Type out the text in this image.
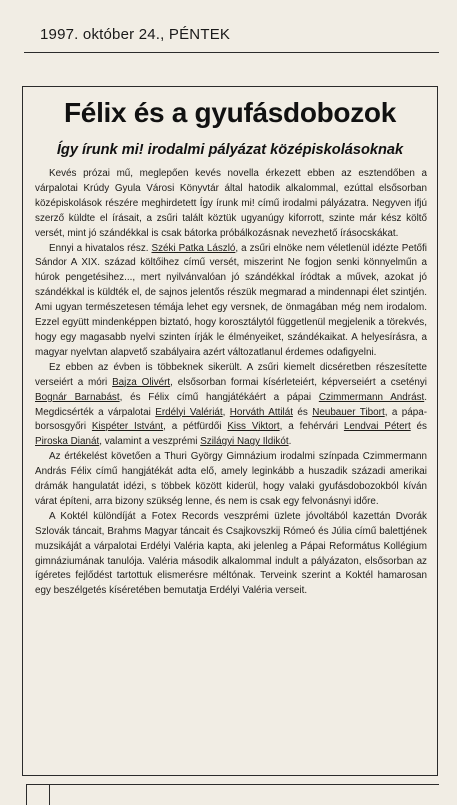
1997. október 24., PÉNTEK
Félix és a gyufásdobozok
Így írunk mi! irodalmi pályázat középiskolásoknak

Kevés prózai mű, meglepően kevés novella érkezett ebben az esztendőben a várpalotai Krúdy Gyula Városi Könyvtár által hatodik alkalommal, ezúttal elsősorban középiskolások részére meghirdetett Így írunk mi! című irodalmi pályázatra. Negyven ifjú szerző küldte el írásait, a zsűri talált köztük ugyanúgy kiforrott, szinte már kész költő versét, mint jó szándékkal is csak bátorka próbálkozásnak nevezhető írásocskákat.

Ennyi a hivatalos rész. Széki Patka László, a zsűri elnöke nem véletlenül idézte Petőfi Sándor A XIX. század költőihez című versét, miszerint Ne fogjon senki könnyelműn a húrok pengetésihez..., mert nyilvánvalóan jó szándékkal íródtak a művek, azokat jó szándékkal is küldték el, de sajnos jelentős részük megmarad a mindennapi élet szintjén. Ami ugyan természetesen témája lehet egy versnek, de önmagában még nem irodalom. Ezzel együtt mindenképpen biztató, hogy korosztálytól függetlenül megjelenik a törekvés, hogy egy magasabb nyelvi szinten írják le élményeiket, szándékaikat. A helyesírásra, a magyar nyelvtan alapvető szabályaira azért változatlanul érdemes odafigyelni.

Ez ebben az évben is többeknek sikerült. A zsűri kiemelt dicséretben részesítette verseiért a móri Bajza Olivért, elsősorban formai kísérleteiért, képverseiért a csetényi Bognár Barnabást, és Félix című hangjátékáért a pápai Czimmermann Andrást. Megdicsérték a várpalotai Erdélyi Valériát, Horváth Attilát és Neubauer Tibort, a pápa-borsosgyőri Kispéter Istvánt, a pétfürdői Kiss Viktort, a fehérvári Lendvai Pétert és Piroska Dianát, valamint a veszprémi Szilágyi Nagy Ildikót.

Az értékelést követően a Thuri György Gimnázium irodalmi színpada Czimmermann András Félix című hangjátékát adta elő, amely leginkább a huszadik századi amerikai drámák hangulatát idézi, s többek között kiderül, hogy valaki gyufásdobozokból kíván várat építeni, arra bizony szükség lenne, és nem is csak egy felvonásnyi időre.

A Koktél különdíját a Fotex Records veszprémi üzlete jóvoltából kazettán Dvorák Szlovák táncait, Brahms Magyar táncait és Csajkovszkij Rómeó és Júlia című balettjének muzsikáját a várpalotai Erdélyi Valéria kapta, aki jelenleg a Pápai Református Kollégium gimnáziumának tanulója. Valéria második alkalommal indult a pályázaton, elsősorban az ígéretes fejlődést tartottuk elismerésre méltónak. Terveink szerint a Koktél hamarosan egy beszélgetés kíséretében bemutatja Erdélyi Valéria verseit.
